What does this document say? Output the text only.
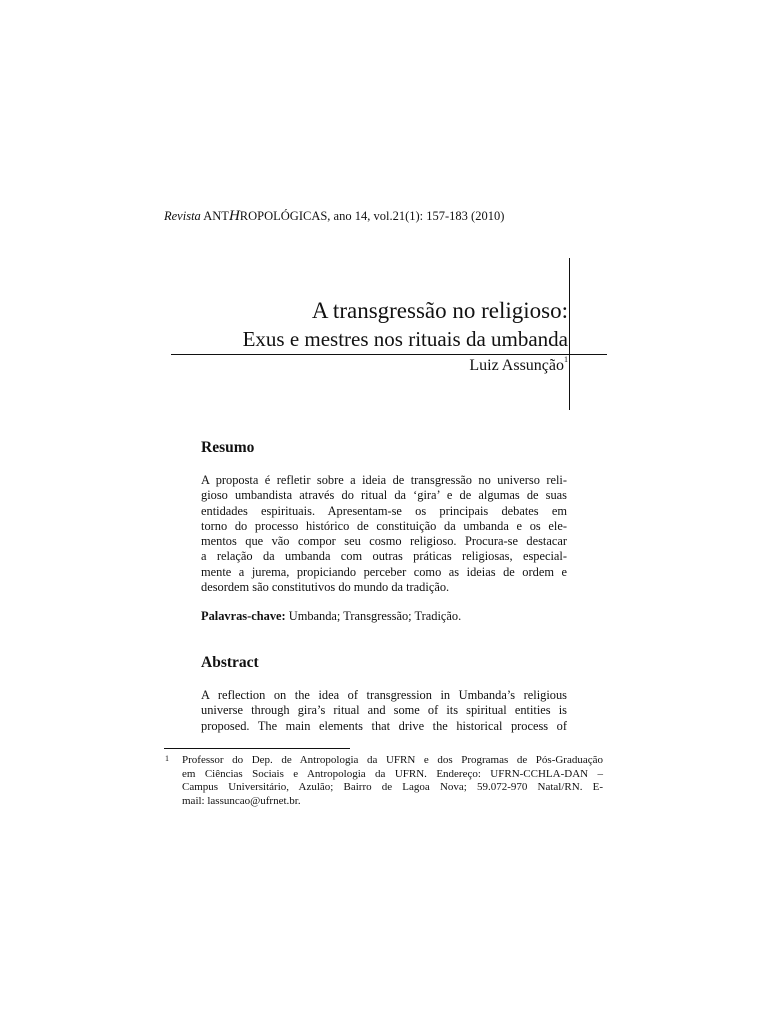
Revista ANTHROPOLÓGICAS, ano 14, vol.21(1): 157-183 (2010)
A transgressão no religioso:
Exus e mestres nos rituais da umbanda
Luiz Assunção$^1$
Resumo
A proposta é refletir sobre a ideia de transgressão no universo reli-
gioso umbandista através do ritual da ‘gira’ e de algumas de suas
entidades espirituais. Apresentam-se os principais debates em
torno do processo histórico de constituição da umbanda e os ele-
mentos que vão compor seu cosmo religioso. Procura-se destacar
a relação da umbanda com outras práticas religiosas, especial-
mente a jurema, propiciando perceber como as ideias de ordem e
desordem são constitutivos do mundo da tradição.
Palavras-chave: Umbanda; Transgressão; Tradição.
Abstract
A reflection on the idea of transgression in Umbanda’s religious
universe through gira’s ritual and some of its spiritual entities is
proposed. The main elements that drive the historical process of
1 Professor do Dep. de Antropologia da UFRN e dos Programas de Pós-Graduação
em Ciências Sociais e Antropologia da UFRN. Endereço: UFRN-CCHLA-DAN –
Campus Universitário, Azulão; Bairro de Lagoa Nova; 59.072-970 Natal/RN. E-
mail: lassuncao@ufrnet.br.
